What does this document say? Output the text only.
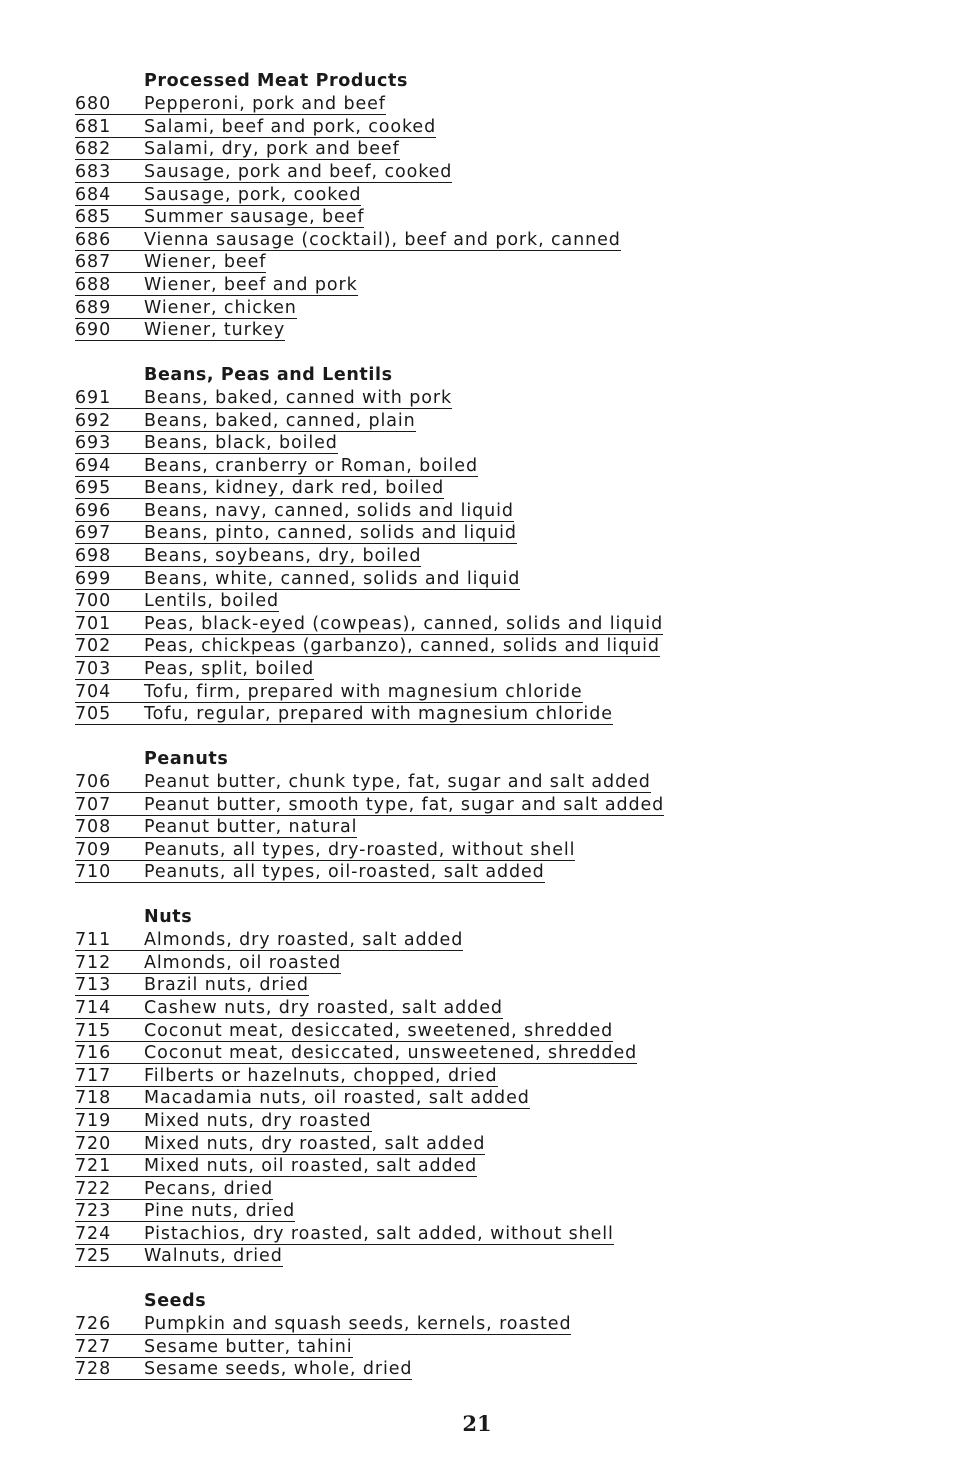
Processed Meat Products
680	Pepperoni, pork and beef
681	Salami, beef and pork, cooked
682	Salami, dry, pork and beef
683	Sausage, pork and beef, cooked
684	Sausage, pork, cooked
685	Summer sausage, beef
686	Vienna sausage (cocktail), beef and pork, canned
687	Wiener, beef
688	Wiener, beef and pork
689	Wiener, chicken
690	Wiener, turkey
Beans, Peas and Lentils
691	Beans, baked, canned with pork
692	Beans, baked, canned, plain
693	Beans, black, boiled
694	Beans, cranberry or Roman, boiled
695	Beans, kidney, dark red, boiled
696	Beans, navy, canned, solids and liquid
697	Beans, pinto, canned, solids and liquid
698	Beans, soybeans, dry, boiled
699	Beans, white, canned, solids and liquid
700	Lentils, boiled
701	Peas, black-eyed (cowpeas), canned, solids and liquid
702	Peas, chickpeas (garbanzo), canned, solids and liquid
703	Peas, split, boiled
704	Tofu, firm, prepared with magnesium chloride
705	Tofu, regular, prepared with magnesium chloride
Peanuts
706	Peanut butter, chunk type, fat, sugar and salt added
707	Peanut butter, smooth type, fat, sugar and salt added
708	Peanut butter, natural
709	Peanuts, all types, dry-roasted, without shell
710	Peanuts, all types, oil-roasted, salt added
Nuts
711	Almonds, dry roasted, salt added
712	Almonds, oil roasted
713	Brazil nuts, dried
714	Cashew nuts, dry roasted, salt added
715	Coconut meat, desiccated, sweetened, shredded
716	Coconut meat, desiccated, unsweetened, shredded
717	Filberts or hazelnuts, chopped, dried
718	Macadamia nuts, oil roasted, salt added
719	Mixed nuts, dry roasted
720	Mixed nuts, dry roasted, salt added
721	Mixed nuts, oil roasted, salt added
722	Pecans, dried
723	Pine nuts, dried
724	Pistachios, dry roasted, salt added, without shell
725	Walnuts, dried
Seeds
726	Pumpkin and squash seeds, kernels, roasted
727	Sesame butter, tahini
728	Sesame seeds, whole, dried
21
